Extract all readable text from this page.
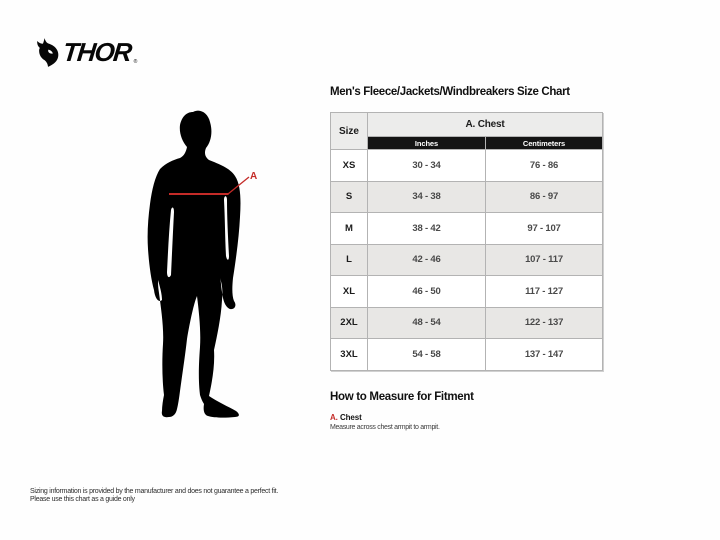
THOR ®
A
Men's Fleece/Jackets/Windbreakers Size Chart
Size	A. Chest	
	Inches	Centimeters
XS	30 - 34	76 - 86
S	34 - 38	86 - 97
M	38 - 42	97 - 107
L	42 - 46	107 - 117
XL	46 - 50	117 - 127
2XL	48 - 54	122 - 137
3XL	54 - 58	137 - 147
How to Measure for Fitment

A. Chest

Measure across chest armpit to armpit.

Sizing information is provided by the manufacturer and does not guarantee a perfect fit.

Please use this chart as a guide only
